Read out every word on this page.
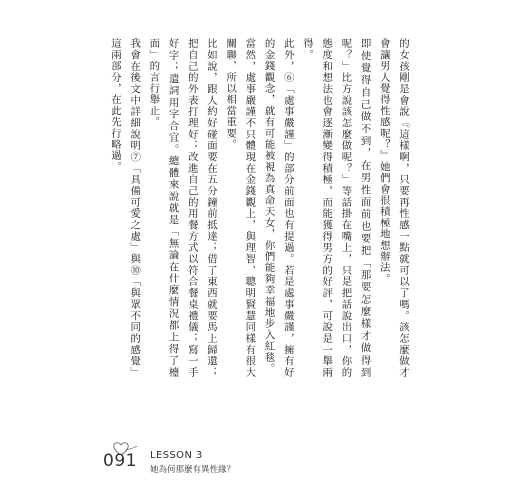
的女孩剛是會說『這樣啊，只要再性感一點就可以了嗎。該怎麼做才會讓男人覺得性感呢？』她們會很積極地想辦法。

即使覺得自己做不到，在男性面前也要把「那要怎麼樣才做得到呢？」比方說該怎麼做呢？」等話掛在嘴上，只是把話說出口，你的態度和想法也會逐漸變得積極，而能獲得男方的好評，可說是一舉兩得。

此外，⑥「處事嚴謹」的部分前面也有提過。若是處事嚴謹，擁有好的金錢觀念，就有可能被視為真命天女，你們能夠幸福地步入紅毯。

當然，處事嚴謹不只體現在金錢觀上，與理智、聰明賢慧同樣有很大關聯，所以相當重要。

比如說，跟人約好碰面要在五分鐘前抵達；借了東西就要馬上歸還；把自己的外表打理好；改進自己的用餐方式以符合餐桌禮儀；寫一手好字；遣詞用字合宜。總體來說就是「無論在什麼情況都上得了檯面」的言行舉止。

我會在後文中詳細說明⑦「具備可愛之處」與⑩「與眾不同的感覺」這兩部分，在此先行略過。

091 LESSON 3
她為何那麼有異性緣？
